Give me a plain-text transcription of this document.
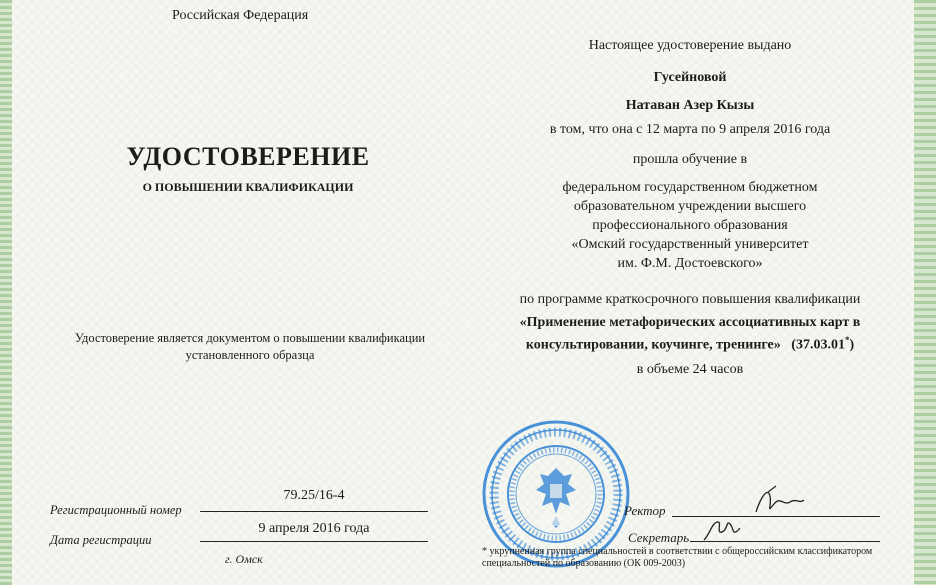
Российская Федерация
УДОСТОВЕРЕНИЕ
О ПОВЫШЕНИИ КВАЛИФИКАЦИИ
Удостоверение является документом о повышении квалификации установленного образца
Регистрационный номер
79.25/16-4
Дата регистрации
9 апреля 2016 года
г. Омск
Настоящее удостоверение выдано
Гусейновой
Натаван Азер Кызы
в том, что она с 12 марта по 9 апреля 2016 года
прошла обучение в
федеральном государственном бюджетном
образовательном учреждении высшего
профессионального образования
«Омский государственный университет
им. Ф.М. Достоевского»
по программе краткосрочного повышения квалификации
«Применение метафорических ассоциативных карт в
консультировании, коучинге, тренинге» (37.03.01*)
в объеме 24 часов
Ректор
Секретарь
* укрупненная группа специальностей в соответствии с общероссийским классификатором специальностей по образованию (ОК 009-2003)
